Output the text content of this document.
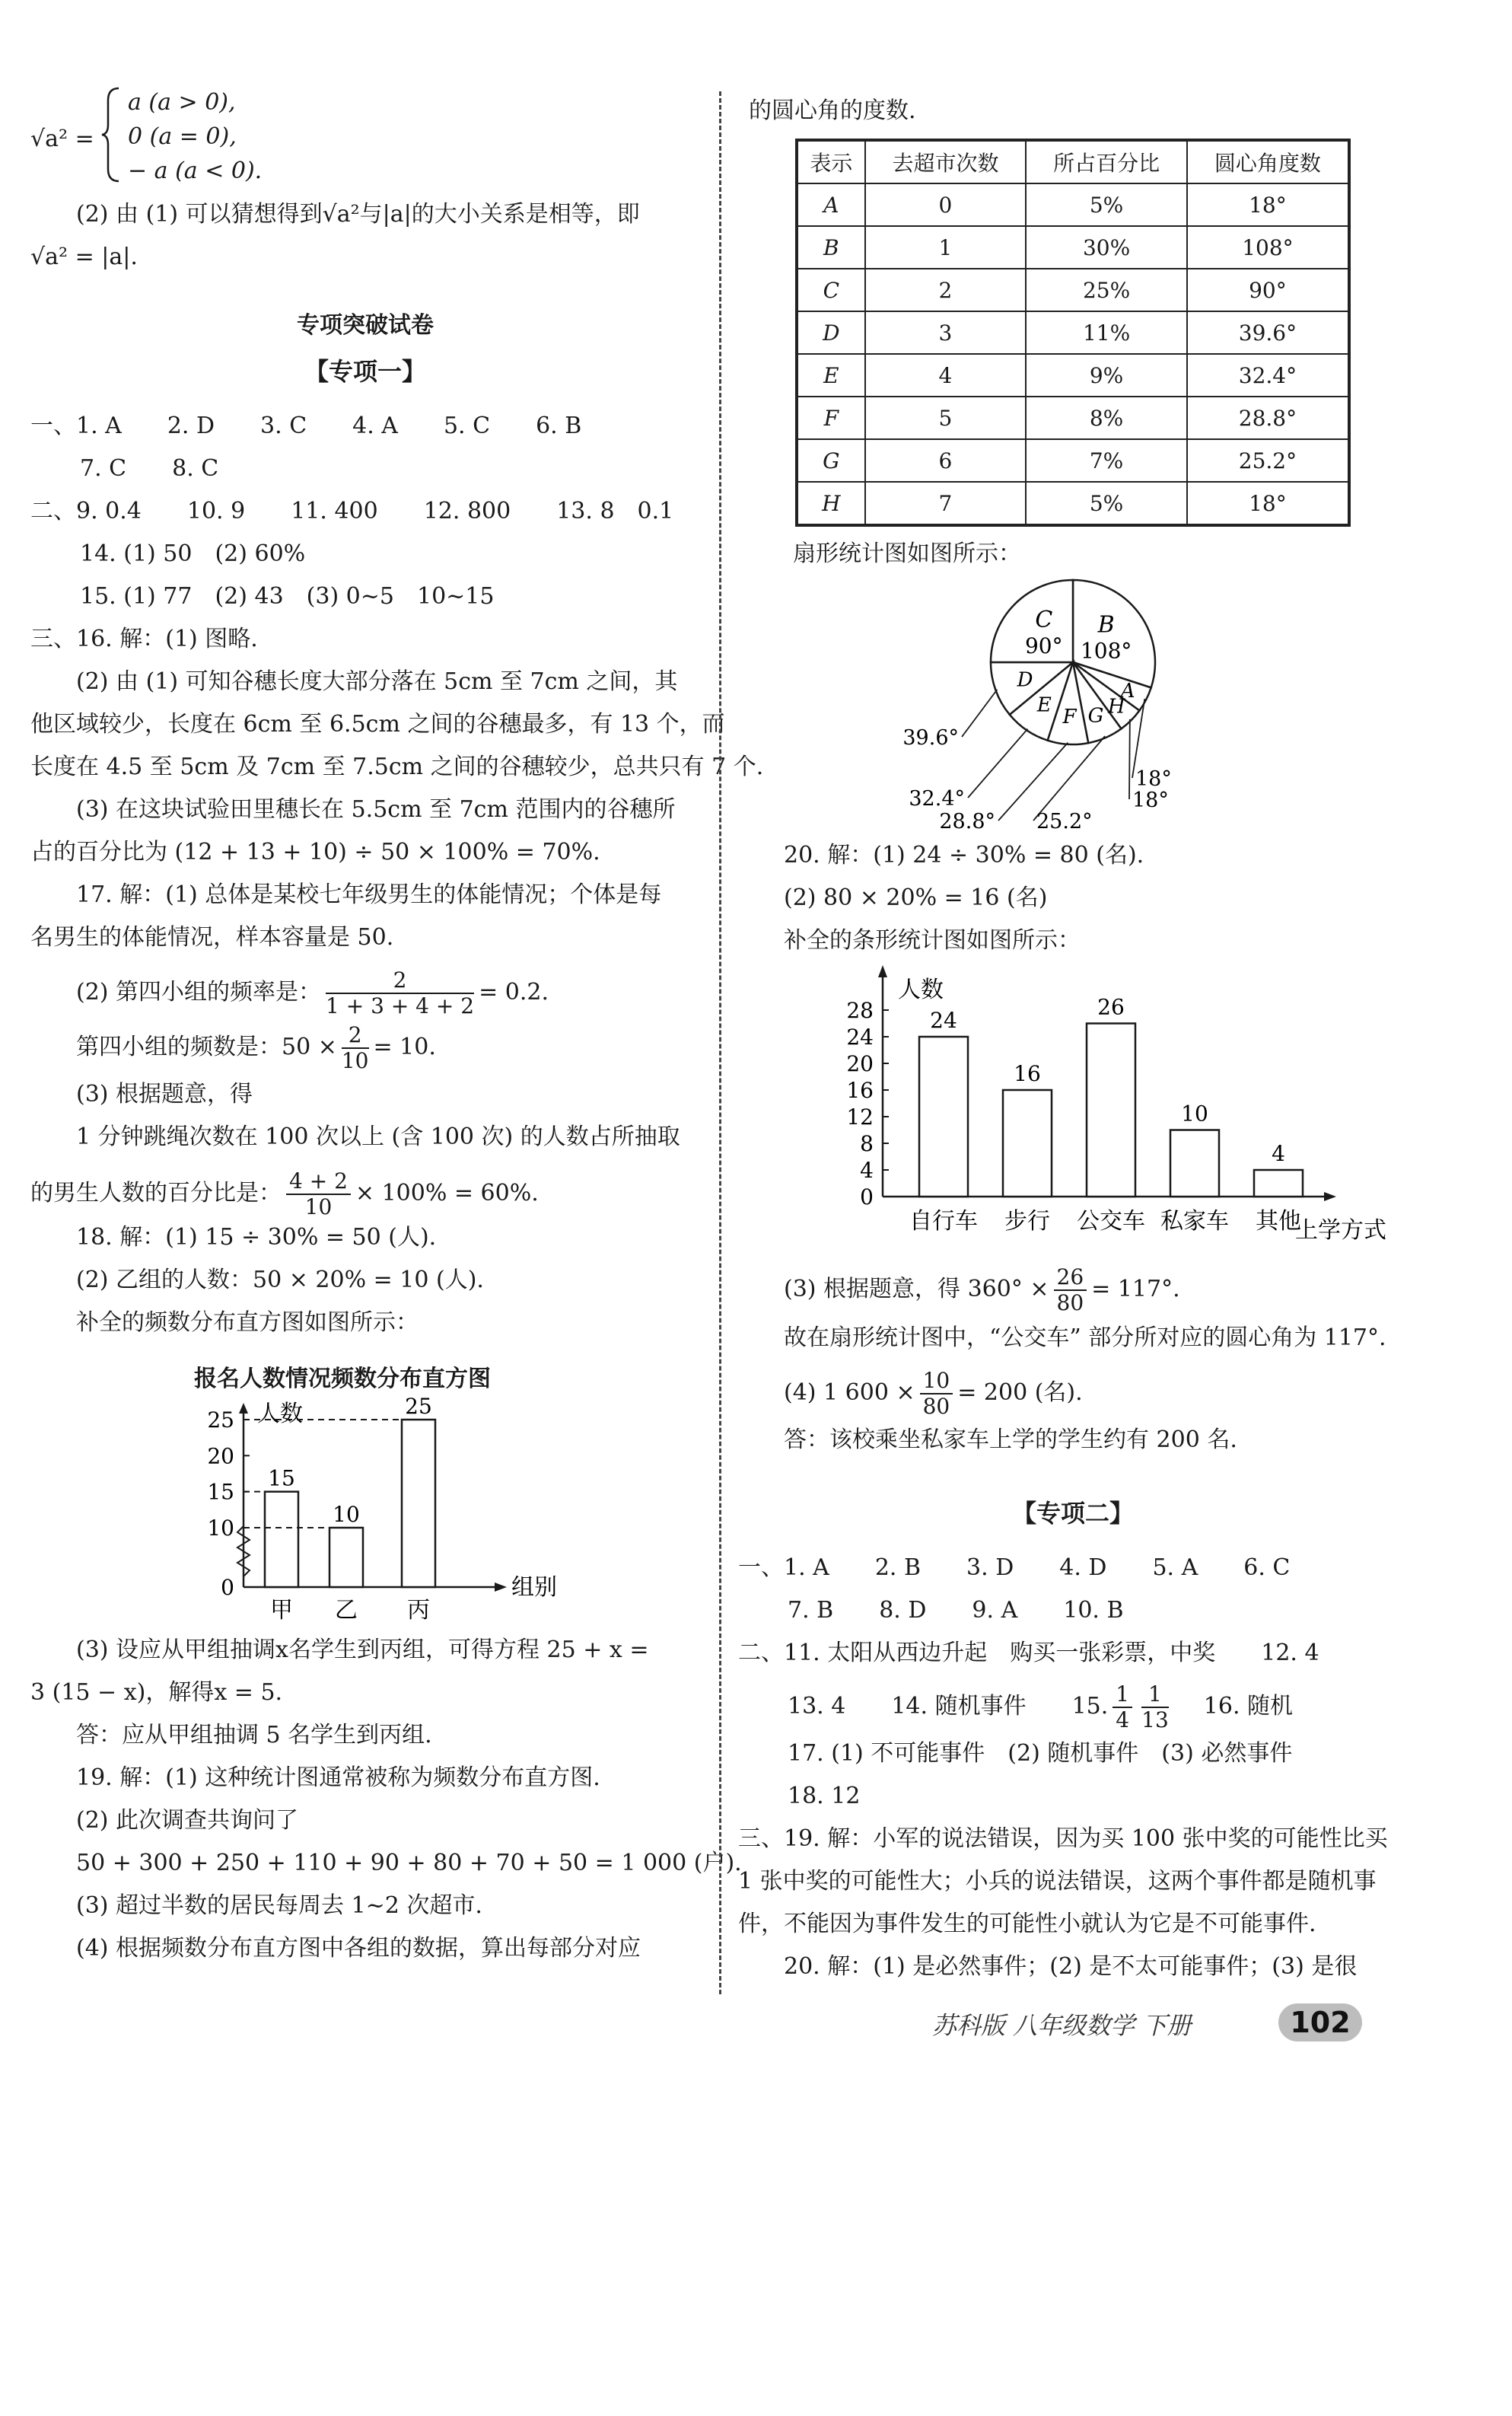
√a² =
a (a > 0),
0 (a = 0),
− a (a < 0).
(2) 由 (1) 可以猜想得到√a²与|a|的大小关系是相等，即
√a² = |a|.
专项突破试卷
【专项一】
一、1. A　　2. D　　3. C　　4. A　　5. C　　6. B
7. C　　8. C
二、9. 0.4　　10. 9　　11. 400　　12. 800　　13. 8　0.1
14. (1) 50　(2) 60%
15. (1) 77　(2) 43　(3) 0~5　10~15
三、16. 解：(1) 图略.
(2) 由 (1) 可知谷穗长度大部分落在 5cm 至 7cm 之间，其
他区域较少，长度在 6cm 至 6.5cm 之间的谷穗最多，有 13 个，而
长度在 4.5 至 5cm 及 7cm 至 7.5cm 之间的谷穗较少，总共只有 7 个.
(3) 在这块试验田里穗长在 5.5cm 至 7cm 范围内的谷穗所
占的百分比为 (12 + 13 + 10) ÷ 50 × 100% = 70%.
17. 解：(1) 总体是某校七年级男生的体能情况；个体是每
名男生的体能情况，样本容量是 50.
(2) 第四小组的频率是： $\frac{2}{1 + 3 + 4 + 2} = 0.2$.
第四小组的频数是：$50 \times \frac{2}{10} = 10$.
(3) 根据题意，得
1 分钟跳绳次数在 100 次以上 (含 100 次) 的人数占所抽取
的男生人数的百分比是： $\frac{4 + 2}{10} \times 100\% = 60\%$.
18. 解：(1) 15 ÷ 30% = 50 (人).
(2) 乙组的人数：50 × 20% = 10 (人).
补全的频数分布直方图如图所示：
报名人数情况频数分布直方图
人数
组别
0
10
15
20
25
15
甲
10
乙
25
丙
(3) 设应从甲组抽调x名学生到丙组，可得方程 25 + x =
3 (15 − x)，解得x = 5.
答：应从甲组抽调 5 名学生到丙组.
19. 解：(1) 这种统计图通常被称为频数分布直方图.
(2) 此次调查共询问了
50 + 300 + 250 + 110 + 90 + 80 + 70 + 50 = 1 000 (户).
(3) 超过半数的居民每周去 1~2 次超市.
(4) 根据频数分布直方图中各组的数据，算出每部分对应
的圆心角的度数.
表示	去超市次数	所占百分比	圆心角度数
A	0	5%	18°
B	1	30%	108°
C	2	25%	90°
D	3	11%	39.6°
E	4	9%	32.4°
F	5	8%	28.8°
G	6	7%	25.2°
H	7	5%	18°
扇形统计图如图所示：
A
B
108°
C
90°
D
E
F G H
18°
39.6°
32.4°
28.8° 25.2°
18°
20. 解：(1) 24 ÷ 30% = 80 (名).
(2) 80 × 20% = 16 (名)
补全的条形统计图如图所示：
人数
上学方式
0
4
8
12
16
20
24
28	24
自行车
16
步行
26
公交车
10
私家车
4
其他
(3) 根据题意，得 $360^\circ \times \frac{26}{80} = 117^\circ$.
故在扇形统计图中，“公交车” 部分所对应的圆心角为 117°.
(4) 1 $600 \times \frac{10}{80} = 200$ (名).
答：该校乘坐私家车上学的学生约有 200 名.
【专项二】
一、1. A　　2. B　　3. D　　4. D　　5. A　　6. C
7. B　　8. D　　9. A　　10. B
二、11. 太阳从西边升起　购买一张彩票，中奖　　12. 4
13. 4　　14. 随机事件　　15. $\frac{1}{4} \frac{1}{13} 16$. 随机
17. (1) 不可能事件　(2) 随机事件　(3) 必然事件
18. 12
三、19. 解：小军的说法错误，因为买 100 张中奖的可能性比买
1 张中奖的可能性大；小兵的说法错误，这两个事件都是随机事
件，不能因为事件发生的可能性小就认为它是不可能事件.
20. 解：(1) 是必然事件；(2) 是不太可能事件；(3) 是很
苏科版 八年级数学 下册	102
